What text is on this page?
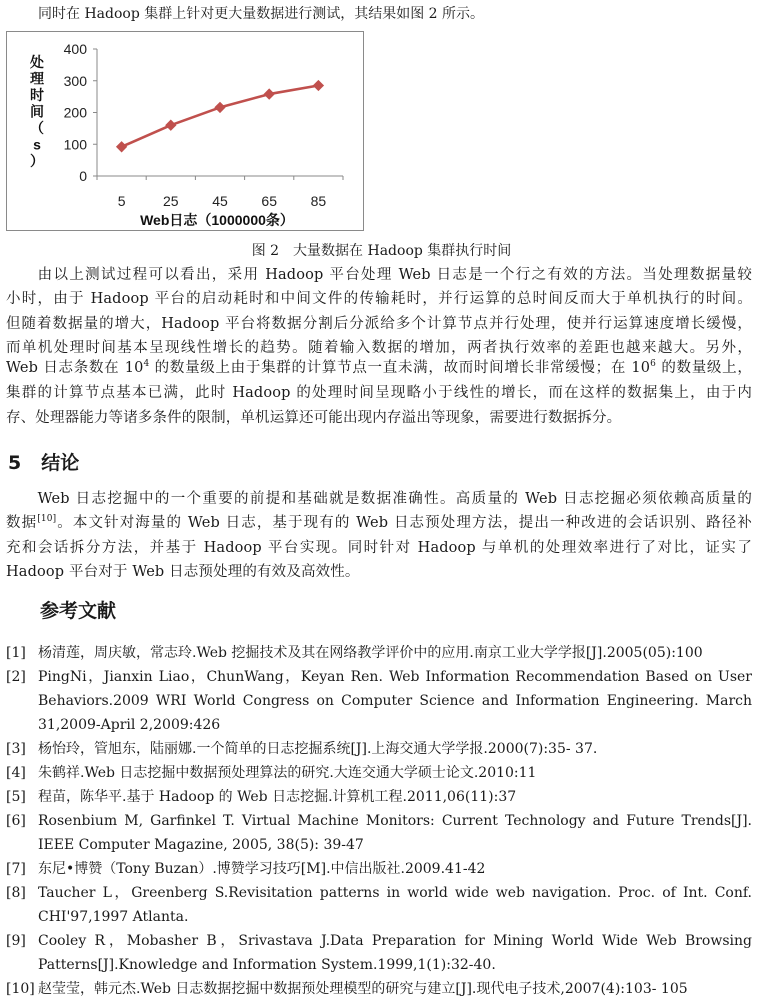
同时在 Hadoop 集群上针对更大量数据进行测试，其结果如图 2 所示。
0
100
200
300
400
5	25 45 65 85
Web日志（1000000条）
处
理
时
间
（
s
）
图 2　大量数据在 Hadoop 集群执行时间
　　由以上测试过程可以看出，采用 Hadoop 平台处理 Web 日志是一个行之有效的方法。当处理数据量较
小时，由于 Hadoop 平台的启动耗时和中间文件的传输耗时，并行运算的总时间反而大于单机执行的时间。
但随着数据量的增大，Hadoop 平台将数据分割后分派给多个计算节点并行处理，使并行运算速度增长缓慢，
而单机处理时间基本呈现线性增长的趋势。随着输入数据的增加，两者执行效率的差距也越来越大。另外，
Web 日志条数在 $10^4$ 的数量级上由于集群的计算节点一直未满，故而时间增长非常缓慢；在 $10^6$ 的数量级上，
集群的计算节点基本已满，此时 Hadoop 的处理时间呈现略小于线性的增长，而在这样的数据集上，由于内
存、处理器能力等诸多条件的限制，单机运算还可能出现内存溢出等现象，需要进行数据拆分。
5 结论
　　Web 日志挖掘中的一个重要的前提和基础就是数据准确性。高质量的 Web 日志挖掘必须依赖高质量的
数据[10]。本文针对海量的 Web 日志，基于现有的 Web 日志预处理方法，提出一种改进的会话识别、路径补
充和会话拆分方法，并基于 Hadoop 平台实现。同时针对 Hadoop 与单机的处理效率进行了对比，证实了
Hadoop 平台对于 Web 日志预处理的有效及高效性。
参考文献
[1] 杨清莲，周庆敏，常志玲.Web 挖掘技术及其在网络教学评价中的应用.南京工业大学学报[J].2005(05):100
[2] PingNi，Jianxin Liao，ChunWang，Keyan Ren. Web Information Recommendation Based on User Behaviors.2009 WRI World Congress on Computer Science and Information Engineering. March 31,2009-April 2,2009:426
[3] 杨怡玲，管旭东，陆丽娜.一个简单的日志挖掘系统[J].上海交通大学学报.2000(7):35- 37.
[4] 朱鹤祥.Web 日志挖掘中数据预处理算法的研究.大连交通大学硕士论文.2010:11
[5] 程苗，陈华平.基于 Hadoop 的 Web 日志挖掘.计算机工程.2011,06(11):37
[6] Rosenbium M, Garfinkel T. Virtual Machine Monitors: Current Technology and Future Trends[J]. IEEE Computer Magazine, 2005, 38(5): 39-47
[7] 东尼•博赞（Tony Buzan）.博赞学习技巧[M].中信出版社.2009.41-42
[8] Taucher L，Greenberg S.Revisitation patterns in world wide web navigation. Proc. of Int. Conf. CHI'97,1997 Atlanta.
[9] Cooley R，Mobasher B，Srivastava J.Data Preparation for Mining World Wide Web Browsing Patterns[J].Knowledge and Information System.1999,1(1):32-40.
[10] 赵莹莹，韩元杰.Web 日志数据挖掘中数据预处理模型的研究与建立[J].现代电子技术,2007(4):103- 105
